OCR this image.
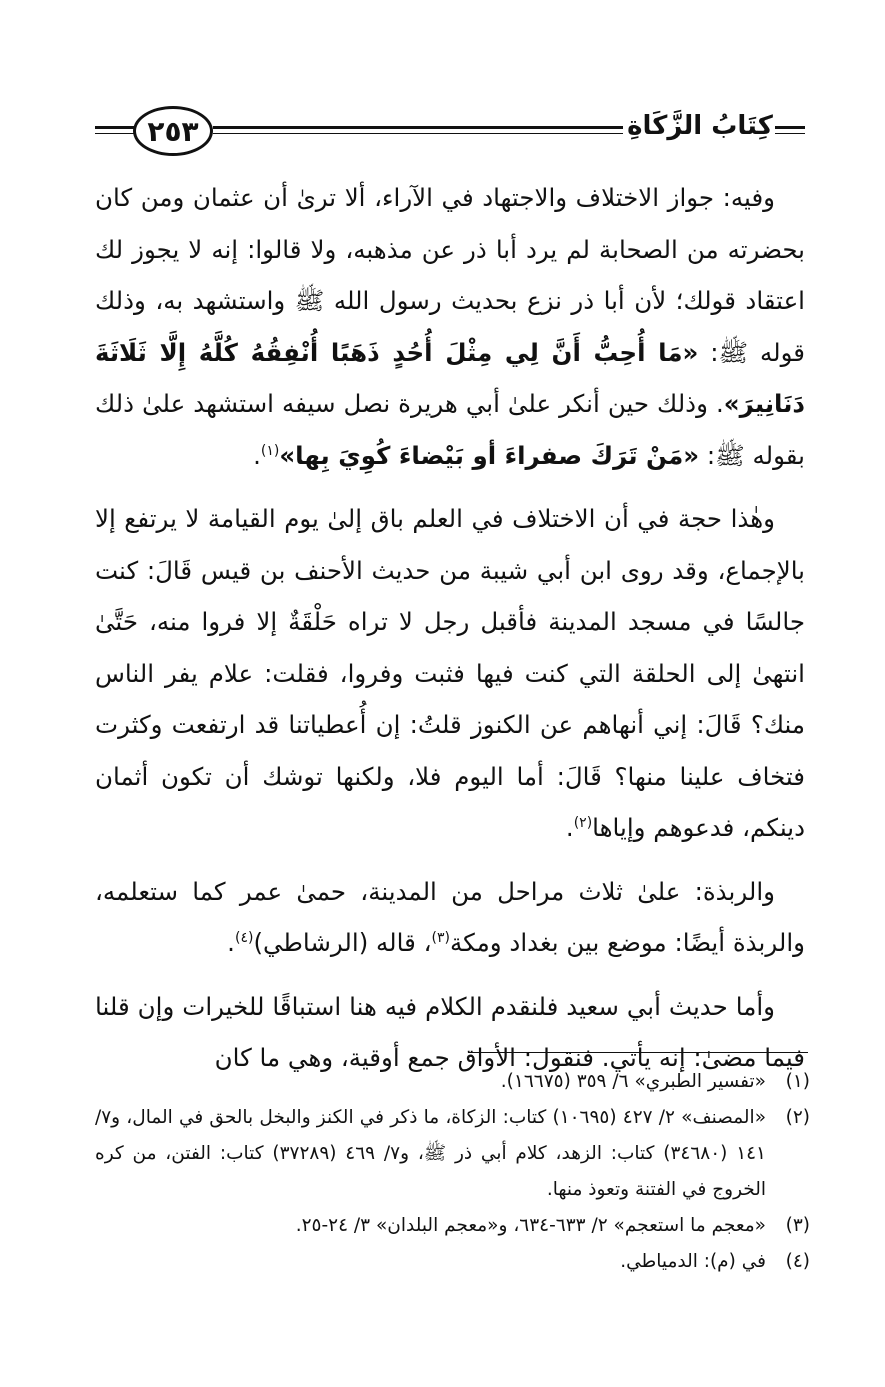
٢٥٣	كِتَابُ الزَّكَاةِ

وفيه: جواز الاختلاف والاجتهاد في الآراء، ألا ترىٰ أن عثمان ومن كان بحضرته من الصحابة لم يرد أبا ذر عن مذهبه، ولا قالوا: إنه لا يجوز لك اعتقاد قولك؛ لأن أبا ذر نزع بحديث رسول الله ﷺ واستشهد به، وذلك قوله ﷺ: «مَا أُحِبُّ أَنَّ لِي مِثْلَ أُحُدٍ ذَهَبًا أُنْفِقُهُ كُلَّهُ إِلَّا ثَلَاثَةَ دَنَانِيرَ». وذلك حين أنكر علىٰ أبي هريرة نصل سيفه استشهد علىٰ ذلك بقوله ﷺ: «مَنْ تَرَكَ صفراءَ أو بَيْضاءَ كُوِيَ بِها»$^{(١)}$.

وهٰذا حجة في أن الاختلاف في العلم باق إلىٰ يوم القيامة لا يرتفع إلا بالإجماع، وقد روى ابن أبي شيبة من حديث الأحنف بن قيس قَالَ: كنت جالسًا في مسجد المدينة فأقبل رجل لا تراه حَلْقَةٌ إلا فروا منه، حَتَّىٰ انتهىٰ إلى الحلقة التي كنت فيها فثبت وفروا، فقلت: علام يفر الناس منك؟ قَالَ: إني أنهاهم عن الكنوز قلتُ: إن أُعطياتنا قد ارتفعت وكثرت فتخاف علينا منها؟ قَالَ: أما اليوم فلا، ولكنها توشك أن تكون أثمان دينكم، فدعوهم وإياها$^{(٢)}$.

والربذة: علىٰ ثلاث مراحل من المدينة، حمىٰ عمر كما ستعلمه، والربذة أيضًا: موضع بين بغداد ومكة$^{(٣)}$، قاله (الرشاطي)$^{(٤)}$.

وأما حديث أبي سعيد فلنقدم الكلام فيه هنا استباقًا للخيرات وإن قلنا فيما مضىٰ: إنه يأتي. فنقول: الأواق جمع أوقية، وهي ما كان

(١)
«تفسير الطبري» ٦/ ٣٥٩ (١٦٦٧٥).
(٢)
«المصنف» ٢/ ٤٢٧ (١٠٦٩٥) كتاب: الزكاة، ما ذكر في الكنز والبخل بالحق في المال، و٧/ ١٤١ (٣٤٦٨٠) كتاب: الزهد، كلام أبي ذر ﷺ، و٧/ ٤٦٩ (٣٧٢٨٩) كتاب: الفتن، من كره الخروج في الفتنة وتعوذ منها.
(٣)
«معجم ما استعجم» ٢/ ٦٣٣-٦٣٤، و«معجم البلدان» ٣/ ٢٤-٢٥.
(٤)
في (م): الدمياطي.
